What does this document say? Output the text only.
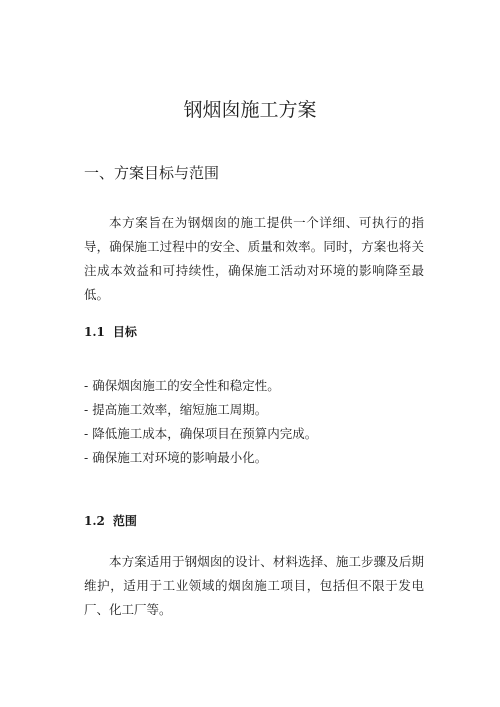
钢烟囱施工方案
一、方案目标与范围

本方案旨在为钢烟囱的施工提供一个详细、可执行的指导，确保施工过程中的安全、质量和效率。同时，方案也将关注成本效益和可持续性，确保施工活动对环境的影响降至最低。

1.1 目标
- 确保烟囱施工的安全性和稳定性。
- 提高施工效率，缩短施工周期。
- 降低施工成本，确保项目在预算内完成。
- 确保施工对环境的影响最小化。
1.2 范围

本方案适用于钢烟囱的设计、材料选择、施工步骤及后期维护，适用于工业领域的烟囱施工项目，包括但不限于发电厂、化工厂等。
